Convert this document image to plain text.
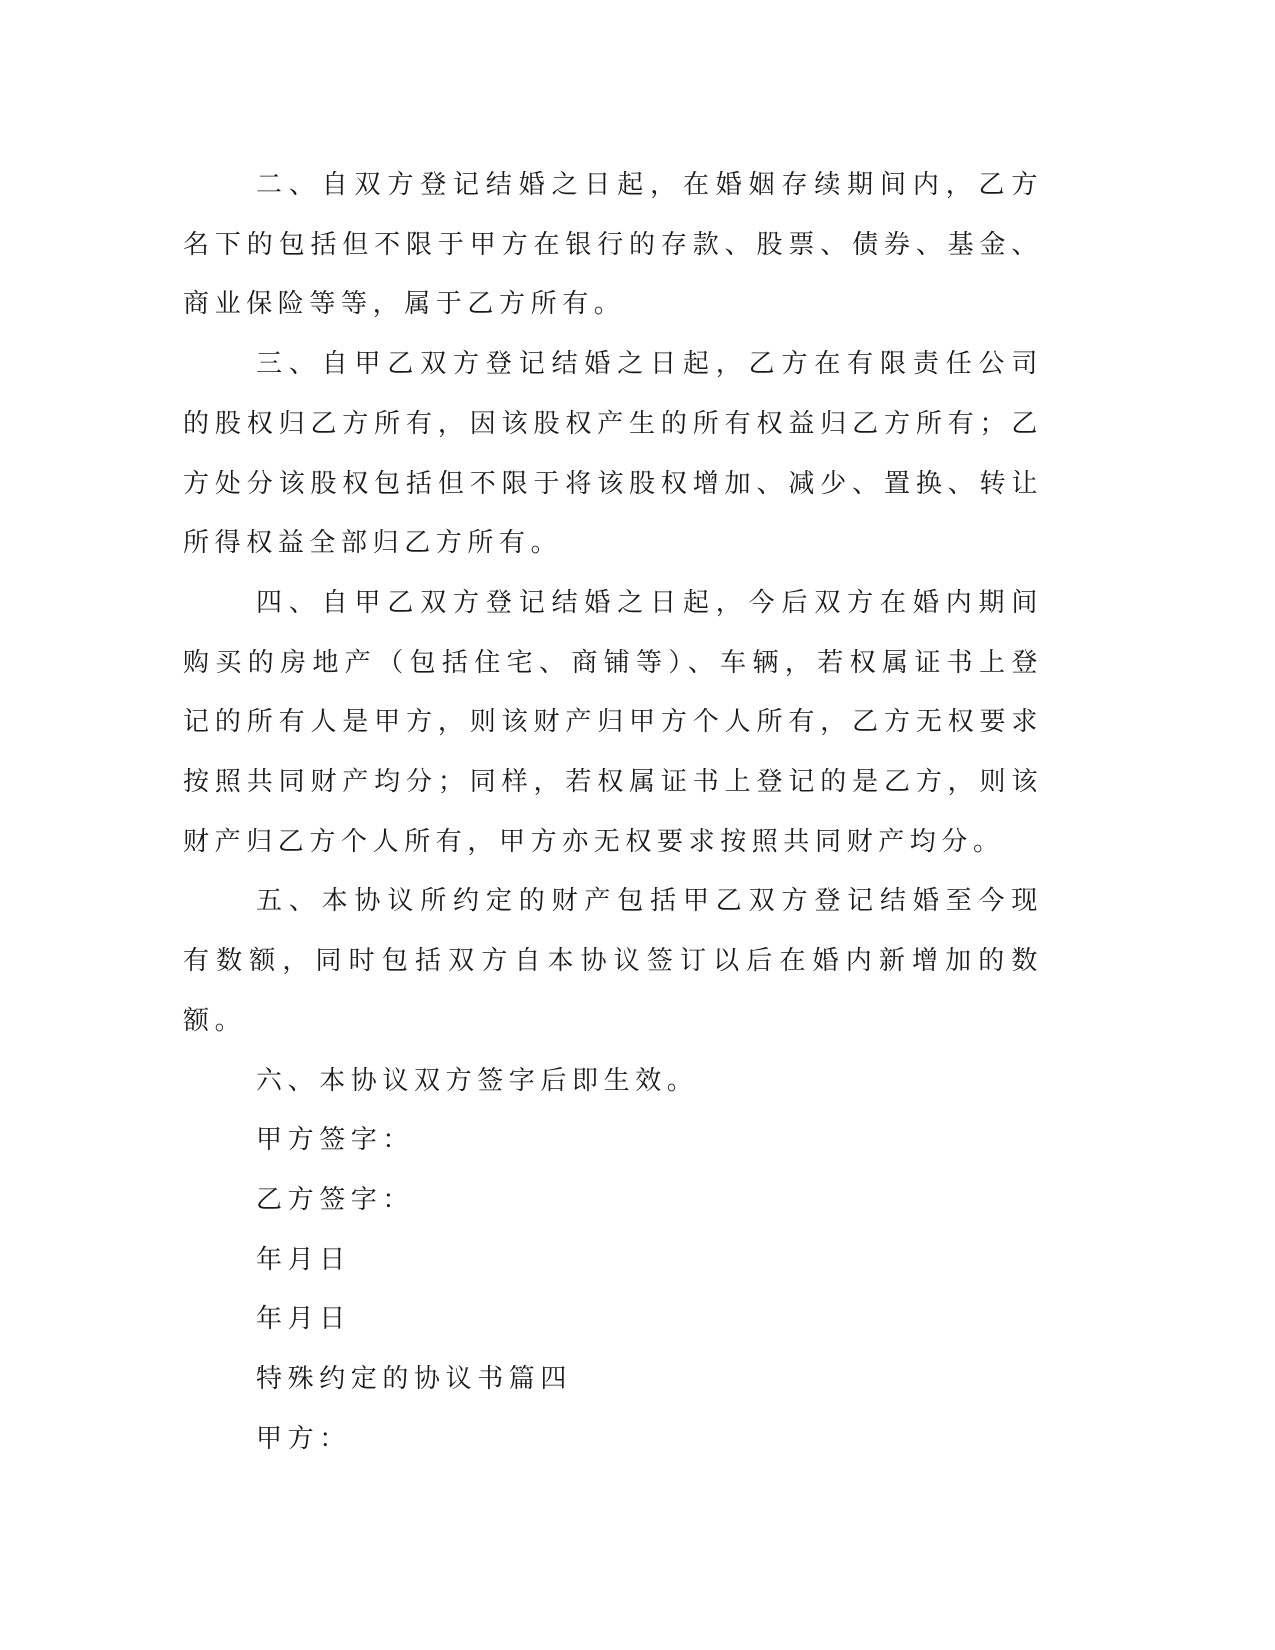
二、自双方登记结婚之日起，在婚姻存续期间内，乙方名下的包括但不限于甲方在银行的存款、股票、债券、基金、商业保险等等，属于乙方所有。

三、自甲乙双方登记结婚之日起，乙方在有限责任公司的股权归乙方所有，因该股权产生的所有权益归乙方所有；乙方处分该股权包括但不限于将该股权增加、减少、置换、转让所得权益全部归乙方所有。

四、自甲乙双方登记结婚之日起，今后双方在婚内期间购买的房地产（包括住宅、商铺等）、车辆，若权属证书上登记的所有人是甲方，则该财产归甲方个人所有，乙方无权要求按照共同财产均分；同样，若权属证书上登记的是乙方，则该财产归乙方个人所有，甲方亦无权要求按照共同财产均分。

五、本协议所约定的财产包括甲乙双方登记结婚至今现有数额，同时包括双方自本协议签订以后在婚内新增加的数额。

六、本协议双方签字后即生效。

甲方签字：

乙方签字：

年月日

年月日

特殊约定的协议书篇四

甲方：
